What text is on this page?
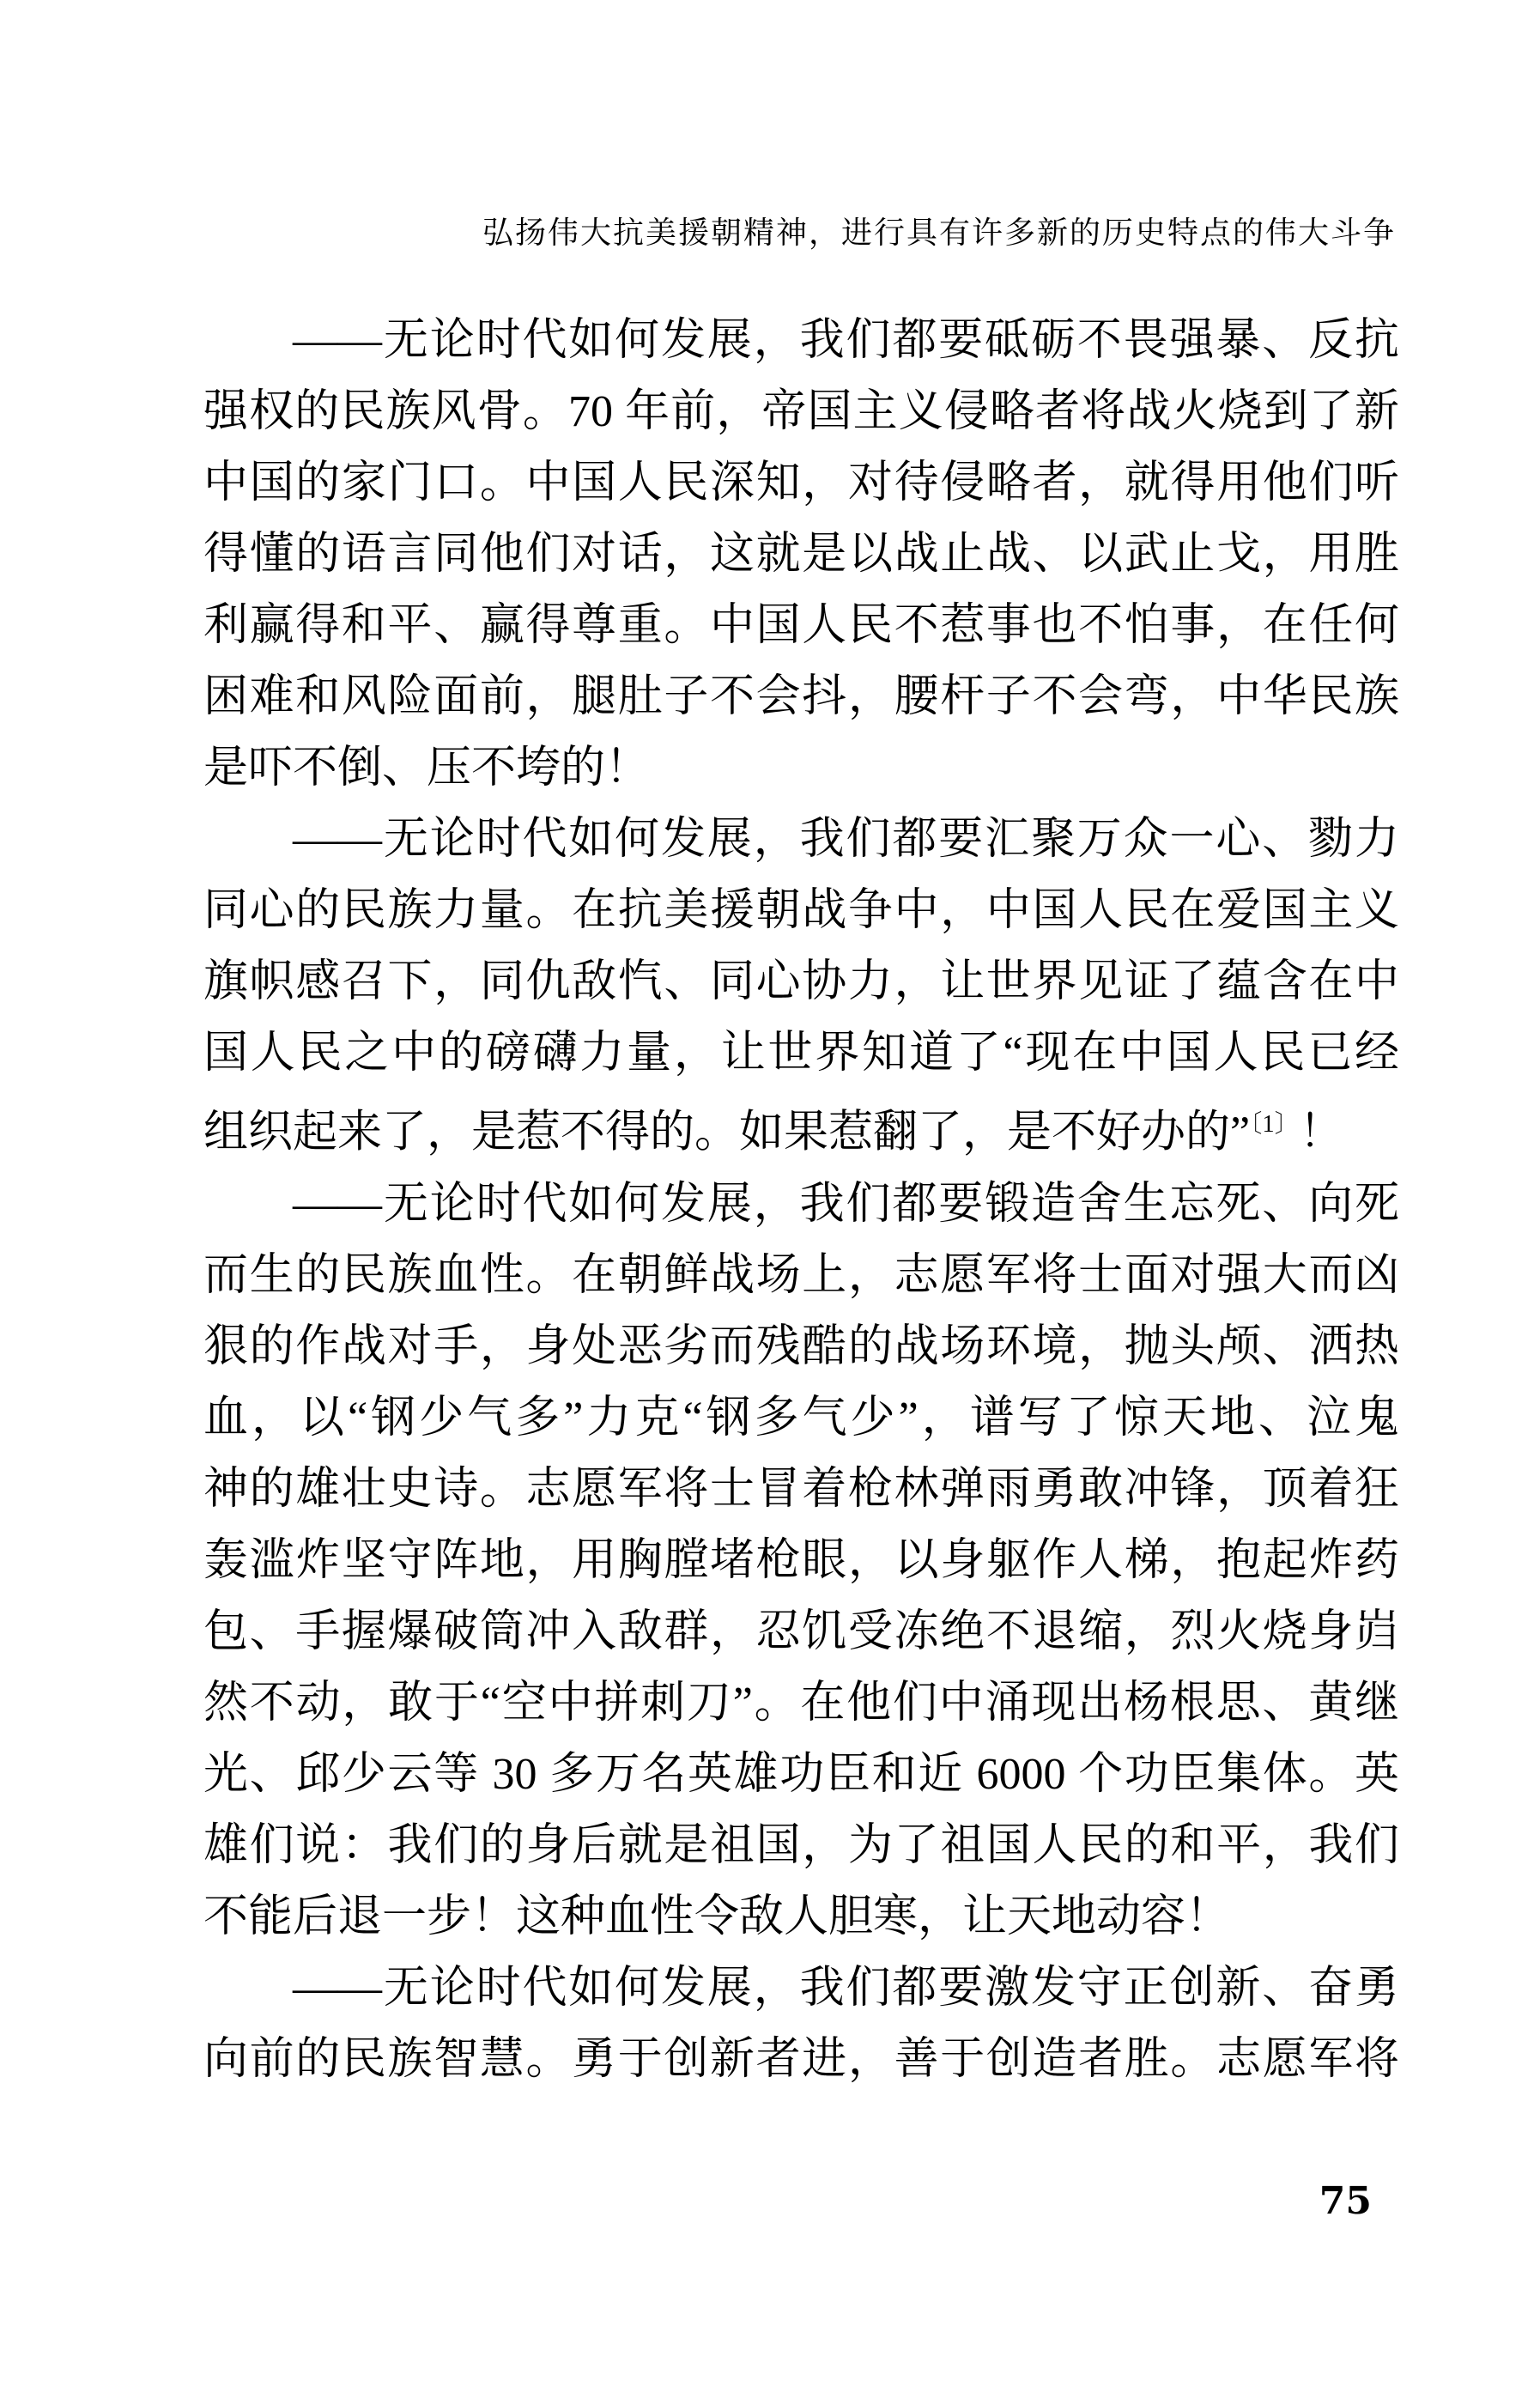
弘扬伟大抗美援朝精神，进行具有许多新的历史特点的伟大斗争
——无论时代如何发展，我们都要砥砺不畏强暴、反抗
强权的民族风骨。70 年前，帝国主义侵略者将战火烧到了新
中国的家门口。中国人民深知，对待侵略者，就得用他们听
得懂的语言同他们对话，这就是以战止战、以武止戈，用胜
利赢得和平、赢得尊重。中国人民不惹事也不怕事，在任何
困难和风险面前，腿肚子不会抖，腰杆子不会弯，中华民族
是吓不倒、压不垮的！
——无论时代如何发展，我们都要汇聚万众一心、勠力
同心的民族力量。在抗美援朝战争中，中国人民在爱国主义
旗帜感召下，同仇敌忾、同心协力，让世界见证了蕴含在中
国人民之中的磅礴力量，让世界知道了“现在中国人民已经
组织起来了，是惹不得的。如果惹翻了，是不好办的”$^{〔1〕}$！
——无论时代如何发展，我们都要锻造舍生忘死、向死
而生的民族血性。在朝鲜战场上，志愿军将士面对强大而凶
狠的作战对手，身处恶劣而残酷的战场环境，抛头颅、洒热
血，以“钢少气多”力克“钢多气少”，谱写了惊天地、泣鬼
神的雄壮史诗。志愿军将士冒着枪林弹雨勇敢冲锋，顶着狂
轰滥炸坚守阵地，用胸膛堵枪眼，以身躯作人梯，抱起炸药
包、手握爆破筒冲入敌群，忍饥受冻绝不退缩，烈火烧身岿
然不动，敢于“空中拼刺刀”。在他们中涌现出杨根思、黄继
光、邱少云等 30 多万名英雄功臣和近 6000 个功臣集体。英
雄们说：我们的身后就是祖国，为了祖国人民的和平，我们
不能后退一步！这种血性令敌人胆寒，让天地动容！
——无论时代如何发展，我们都要激发守正创新、奋勇
向前的民族智慧。勇于创新者进，善于创造者胜。志愿军将
75
